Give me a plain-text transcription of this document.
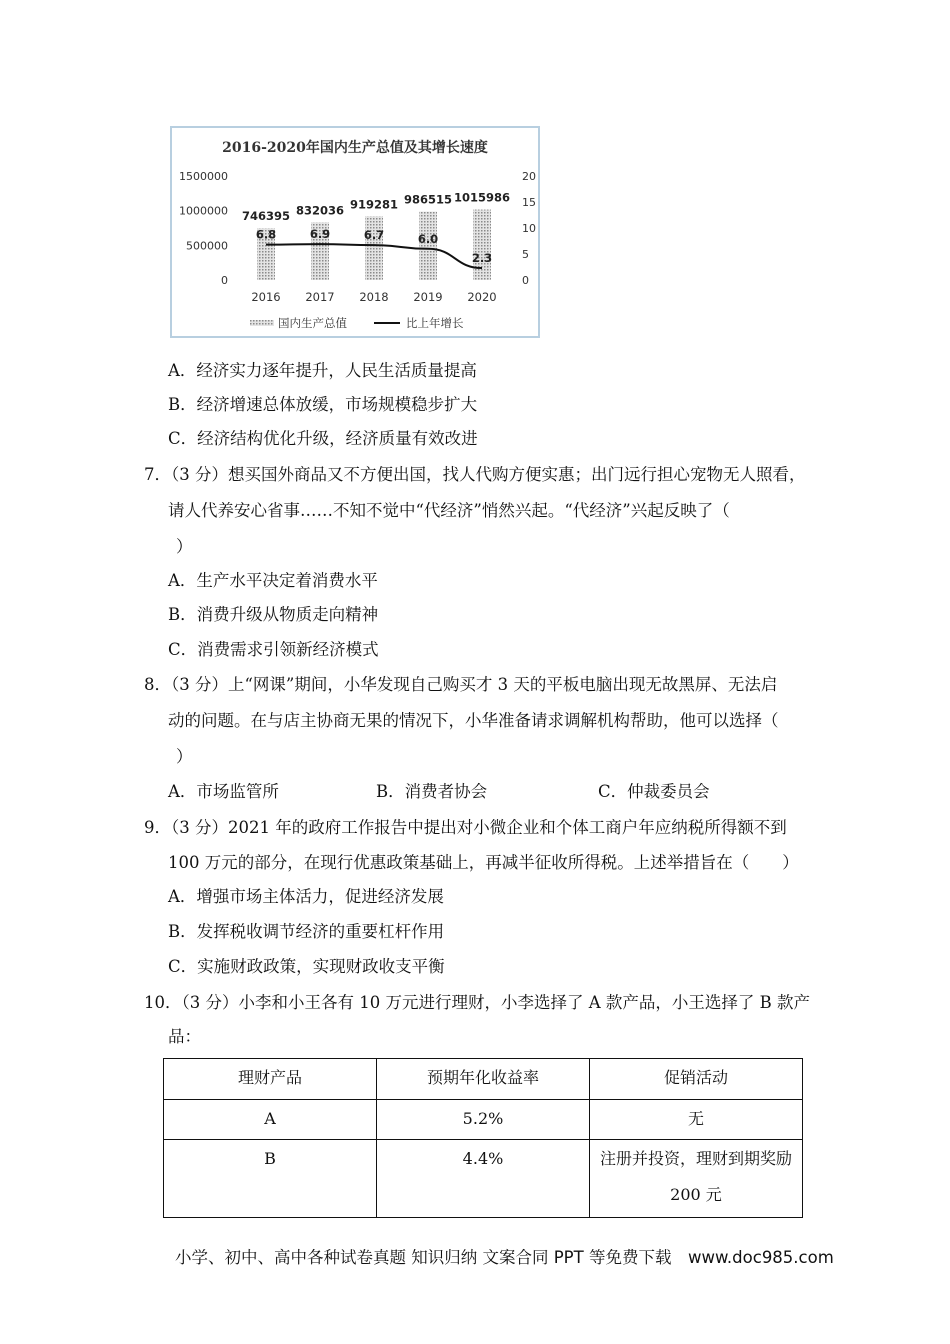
2016-2020年国内生产总值及其增长速度
0
500000
1000000
1500000
0
5
10
15
20
746395
2016
832036
2017
919281
2018
986515
2019
1015986
2020
6.8	6.9	6.7	6.0
2.3
国内生产总值	比上年增长
A．经济实力逐年提升，人民生活质量提高
B．经济增速总体放缓，市场规模稳步扩大
C．经济结构优化升级，经济质量有效改进
7．（3 分）想买国外商品又不方便出国，找人代购方便实惠；出门远行担心宠物无人照看，
请人代养安心省事……不知不觉中“代经济”悄然兴起。“代经济”兴起反映了（
）
A．生产水平决定着消费水平
B．消费升级从物质走向精神
C．消费需求引领新经济模式
8．（3 分）上“网课”期间，小华发现自己购买才 3 天的平板电脑出现无故黑屏、无法启
动的问题。在与店主协商无果的情况下，小华准备请求调解机构帮助，他可以选择（
）
A．市场监管所	B．消费者协会	C．仲裁委员会
9．（3 分）2021 年的政府工作报告中提出对小微企业和个体工商户年应纳税所得额不到
100 万元的部分，在现行优惠政策基础上，再减半征收所得税。上述举措旨在（　　）
A．增强市场主体活力，促进经济发展
B．发挥税收调节经济的重要杠杆作用
C．实施财政政策，实现财政收支平衡
10．（3 分）小李和小王各有 10 万元进行理财，小李选择了 A 款产品，小王选择了 B 款产
品：
理财产品	预期年化收益率	促销活动
A	5.2%	无
B	4.4%	注册并投资，理财到期奖励
200 元
小学、初中、高中各种试卷真题 知识归纳 文案合同 PPT 等免费下载　www.doc985.com
